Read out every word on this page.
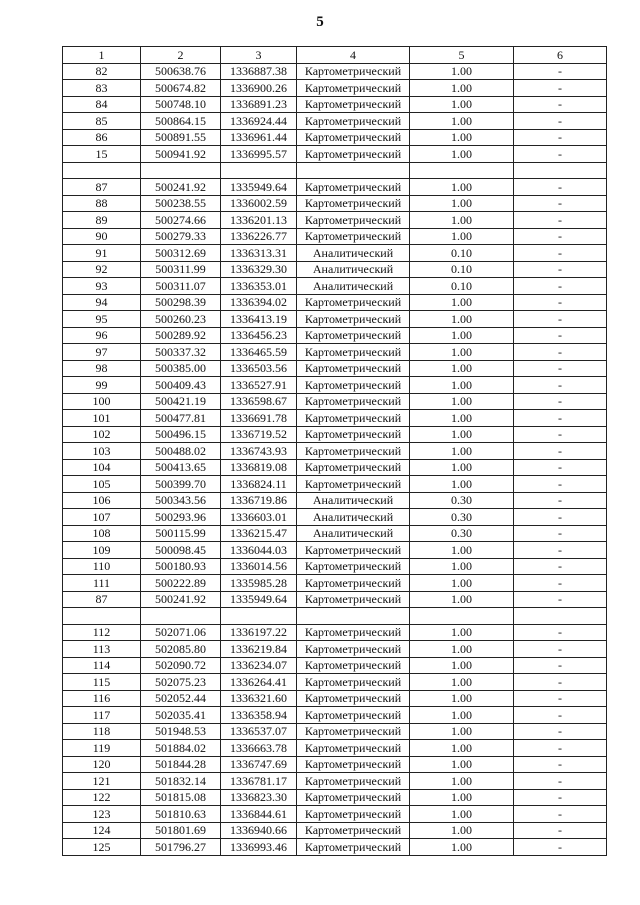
5
1	2	3	4	5	6
82	500638.76	1336887.38	Картометрический	1.00	-
83	500674.82	1336900.26	Картометрический	1.00	-
84	500748.10	1336891.23	Картометрический	1.00	-
85	500864.15	1336924.44	Картометрический	1.00	-
86	500891.55	1336961.44	Картометрический	1.00	-
15	500941.92	1336995.57	Картометрический	1.00	-

87	500241.92	1335949.64	Картометрический	1.00	-
88	500238.55	1336002.59	Картометрический	1.00	-
89	500274.66	1336201.13	Картометрический	1.00	-
90	500279.33	1336226.77	Картометрический	1.00	-
91	500312.69	1336313.31	Аналитический	0.10	-
92	500311.99	1336329.30	Аналитический	0.10	-
93	500311.07	1336353.01	Аналитический	0.10	-
94	500298.39	1336394.02	Картометрический	1.00	-
95	500260.23	1336413.19	Картометрический	1.00	-
96	500289.92	1336456.23	Картометрический	1.00	-
97	500337.32	1336465.59	Картометрический	1.00	-
98	500385.00	1336503.56	Картометрический	1.00	-
99	500409.43	1336527.91	Картометрический	1.00	-
100	500421.19	1336598.67	Картометрический	1.00	-
101	500477.81	1336691.78	Картометрический	1.00	-
102	500496.15	1336719.52	Картометрический	1.00	-
103	500488.02	1336743.93	Картометрический	1.00	-
104	500413.65	1336819.08	Картометрический	1.00	-
105	500399.70	1336824.11	Картометрический	1.00	-
106	500343.56	1336719.86	Аналитический	0.30	-
107	500293.96	1336603.01	Аналитический	0.30	-
108	500115.99	1336215.47	Аналитический	0.30	-
109	500098.45	1336044.03	Картометрический	1.00	-
110	500180.93	1336014.56	Картометрический	1.00	-
111	500222.89	1335985.28	Картометрический	1.00	-
87	500241.92	1335949.64	Картометрический	1.00	-

112	502071.06	1336197.22	Картометрический	1.00	-
113	502085.80	1336219.84	Картометрический	1.00	-
114	502090.72	1336234.07	Картометрический	1.00	-
115	502075.23	1336264.41	Картометрический	1.00	-
116	502052.44	1336321.60	Картометрический	1.00	-
117	502035.41	1336358.94	Картометрический	1.00	-
118	501948.53	1336537.07	Картометрический	1.00	-
119	501884.02	1336663.78	Картометрический	1.00	-
120	501844.28	1336747.69	Картометрический	1.00	-
121	501832.14	1336781.17	Картометрический	1.00	-
122	501815.08	1336823.30	Картометрический	1.00	-
123	501810.63	1336844.61	Картометрический	1.00	-
124	501801.69	1336940.66	Картометрический	1.00	-
125	501796.27	1336993.46	Картометрический	1.00	-
